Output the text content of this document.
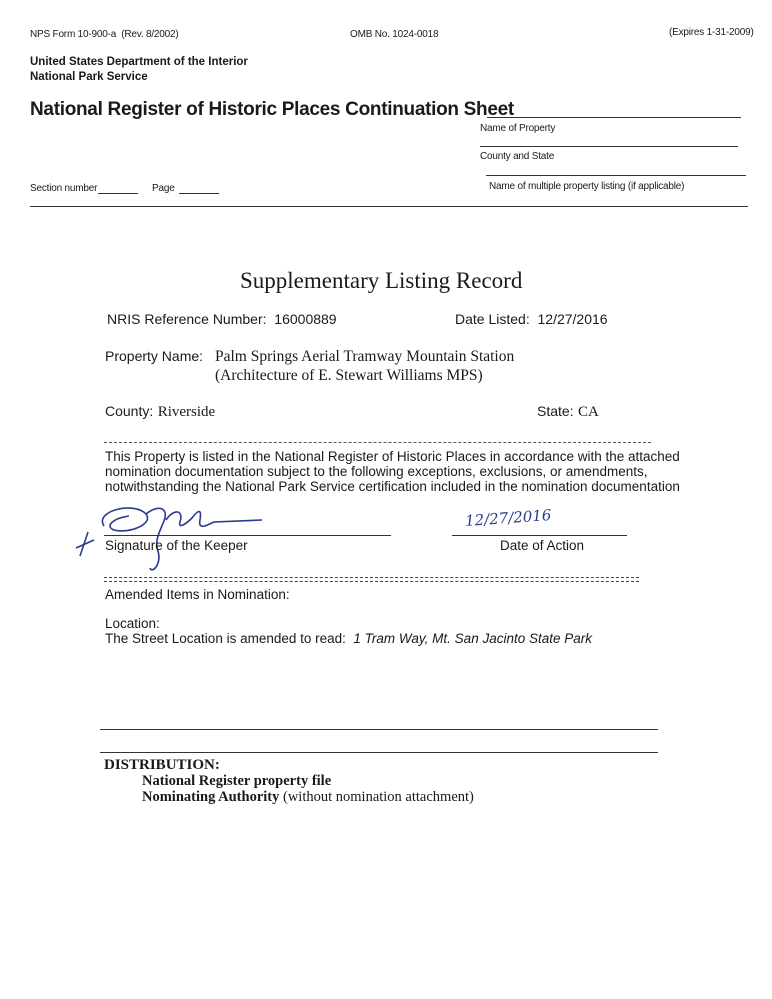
NPS Form 10-900-a (Rev. 8/2002)	OMB No. 1024-0018	(Expires 1-31-2009)
United States Department of the Interior
National Park Service
National Register of Historic Places Continuation Sheet
Name of Property
County and State
Name of multiple property listing (if applicable)
Section number	Page
Supplementary Listing Record
NRIS Reference Number: 16000889	Date Listed: 12/27/2016
Property Name: Palm Springs Aerial Tramway Mountain Station
(Architecture of E. Stewart Williams MPS)
County: Riverside	State: CA
This Property is listed in the National Register of Historic Places in accordance with the attached
nomination documentation subject to the following exceptions, exclusions, or amendments,
notwithstanding the National Park Service certification included in the nomination documentation
Signature of the Keeper
12/27/2016
Date of Action
Amended Items in Nomination:
Location:
The Street Location is amended to read: 1 Tram Way, Mt. San Jacinto State Park
DISTRIBUTION:
National Register property file
Nominating Authority (without nomination attachment)
